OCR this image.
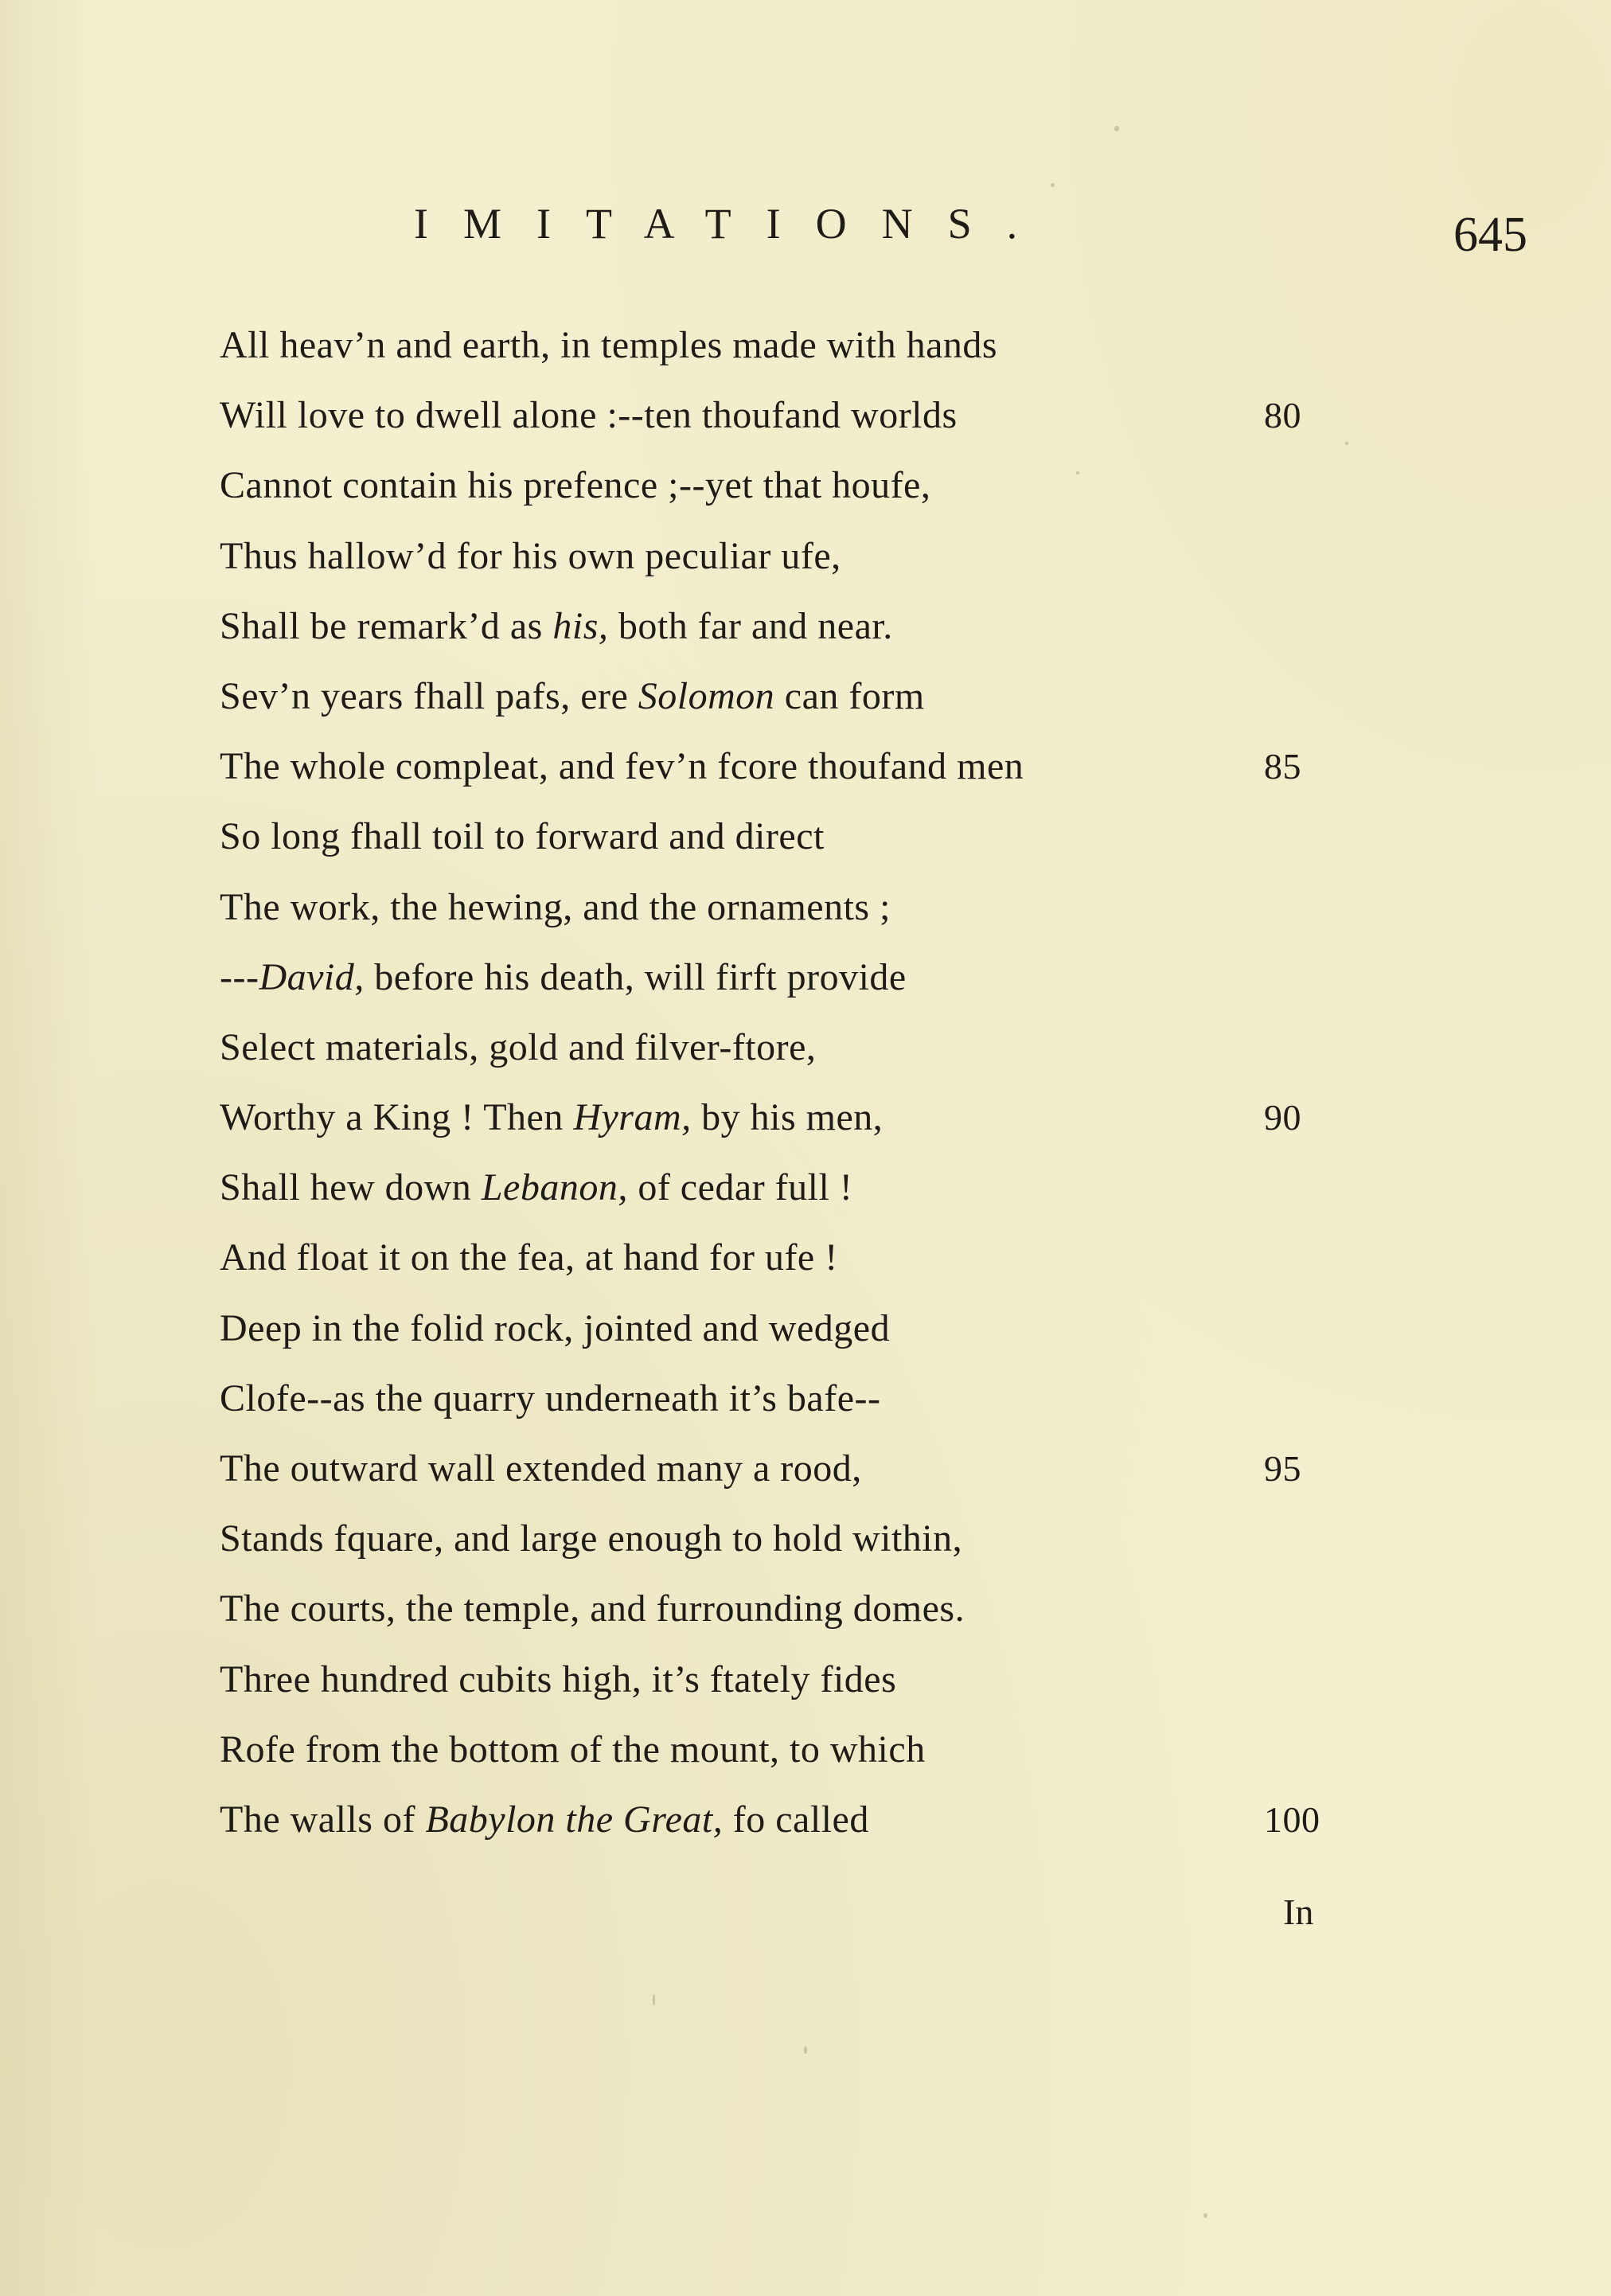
IMITATIONS.	645
All heav’n and earth, in temples made with hands
Will love to dwell alone :--ten thoufand worlds	80
Cannot contain his prefence ;--yet that houfe,
Thus hallow’d for his own peculiar ufe,
Shall be remark’d as his, both far and near.
Sev’n years fhall pafs, ere Solomon can form
The whole compleat, and fev’n fcore thoufand men	85
So long fhall toil to forward and direct
The work, the hewing, and the ornaments ;
---David, before his death, will firft provide
Select materials, gold and filver-ftore,
Worthy a King ! Then Hyram, by his men,	90
Shall hew down Lebanon, of cedar full !
And float it on the fea, at hand for ufe !
Deep in the folid rock, jointed and wedged
Clofe--as the quarry underneath it’s bafe--
The outward wall extended many a rood,	95
Stands fquare, and large enough to hold within,
The courts, the temple, and furrounding domes.
Three hundred cubits high, it’s ftately fides
Rofe from the bottom of the mount, to which
The walls of Babylon the Great, fo called	100
In
